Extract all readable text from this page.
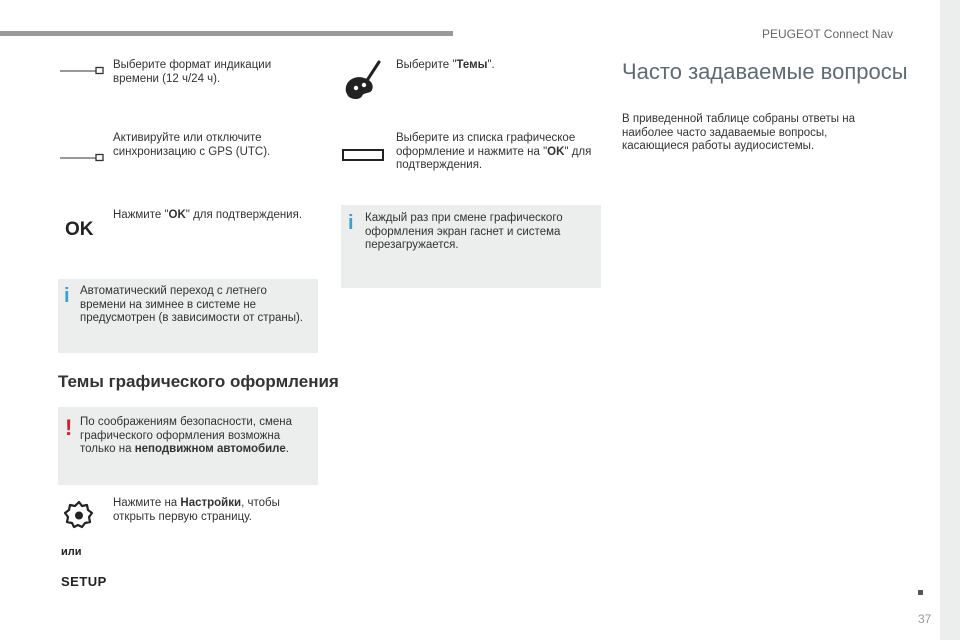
PEUGEOT Connect Nav
Выберите формат индикации времени (12 ч/24 ч).
Активируйте или отключите синхронизацию с GPS (UTC).
OK
Нажмите "OK" для подтверждения.
i Автоматический переход с летнего времени на зимнее в системе не предусмотрен (в зависимости от страны).
Темы графического оформления
! По соображениям безопасности, смена графического оформления возможна только на неподвижном автомобиле.
Нажмите на Настройки, чтобы открыть первую страницу.
или
SETUP
Выберите "Темы".
Выберите из списка графическое оформление и нажмите на "OK" для подтверждения.
i Каждый раз при смене графического оформления экран гаснет и система перезагружается.
Часто задаваемые вопросы
В приведенной таблице собраны ответы на наиболее часто задаваемые вопросы, касающиеся работы аудиосистемы.
37
